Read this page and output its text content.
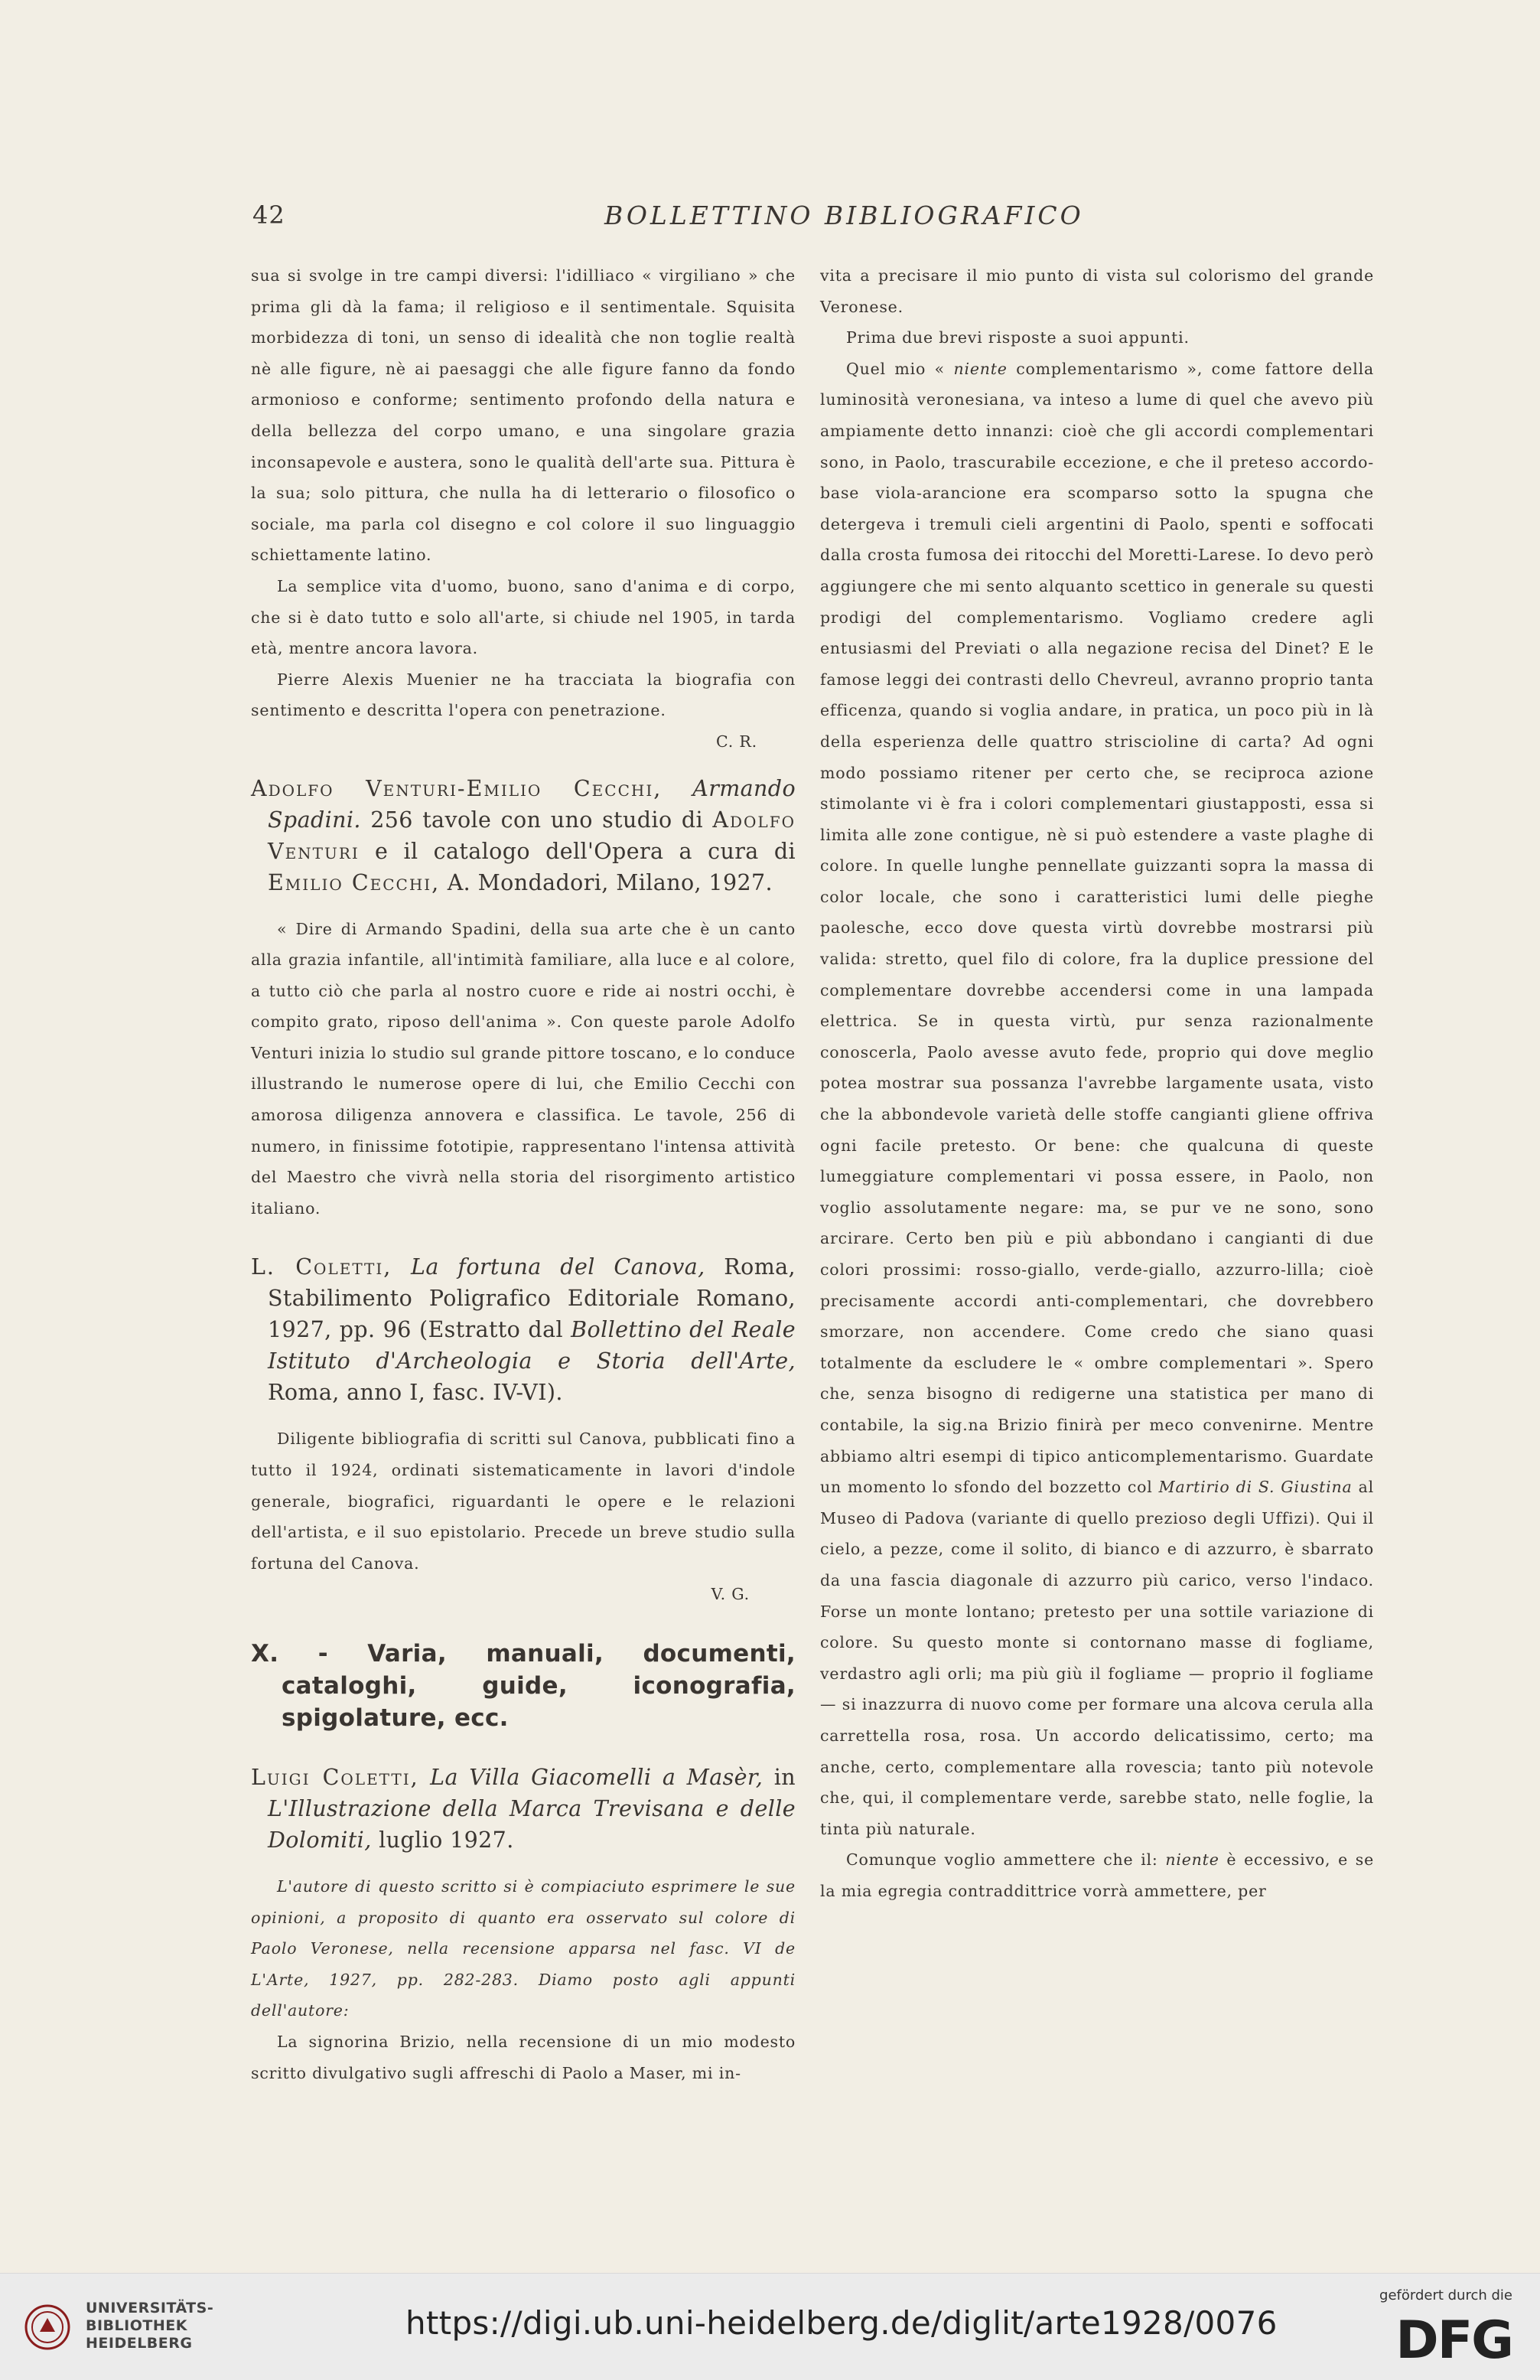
42	BOLLETTINO BIBLIOGRAFICO

sua si svolge in tre campi diversi: l'idilliaco « virgiliano » che prima gli dà la fama; il religioso e il sentimentale. Squisita morbidezza di toni, un senso di idealità che non toglie realtà nè alle figure, nè ai paesaggi che alle figure fanno da fondo armonioso e conforme; sentimento profondo della natura e della bellezza del corpo umano, e una singolare grazia inconsapevole e austera, sono le qualità dell'arte sua. Pittura è la sua; solo pittura, che nulla ha di letterario o filosofico o sociale, ma parla col disegno e col colore il suo linguaggio schiettamente latino.

La semplice vita d'uomo, buono, sano d'anima e di corpo, che si è dato tutto e solo all'arte, si chiude nel 1905, in tarda età, mentre ancora lavora.

Pierre Alexis Muenier ne ha tracciata la biografia con sentimento e descritta l'opera con penetrazione.

C. R.

Adolfo Venturi-Emilio Cecchi, Armando Spadini. 256 tavole con uno studio di Adolfo Venturi e il catalogo dell'Opera a cura di Emilio Cecchi, A. Mondadori, Milano, 1927.

« Dire di Armando Spadini, della sua arte che è un canto alla grazia infantile, all'intimità familiare, alla luce e al colore, a tutto ciò che parla al nostro cuore e ride ai nostri occhi, è compito grato, riposo dell'anima ». Con queste parole Adolfo Venturi inizia lo studio sul grande pittore toscano, e lo conduce illustrando le numerose opere di lui, che Emilio Cecchi con amorosa diligenza annovera e classifica. Le tavole, 256 di numero, in finissime fototipie, rappresentano l'intensa attività del Maestro che vivrà nella storia del risorgimento artistico italiano.

L. Coletti, La fortuna del Canova, Roma, Stabilimento Poligrafico Editoriale Romano, 1927, pp. 96 (Estratto dal Bollettino del Reale Istituto d'Archeologia e Storia dell'Arte, Roma, anno I, fasc. IV-VI).

Diligente bibliografia di scritti sul Canova, pubblicati fino a tutto il 1924, ordinati sistematicamente in lavori d'indole generale, biografici, riguardanti le opere e le relazioni dell'artista, e il suo epistolario. Precede un breve studio sulla fortuna del Canova.

V. G.

X. - Varia, manuali, documenti, cataloghi, guide, iconografia, spigolature, ecc.

Luigi Coletti, La Villa Giacomelli a Masèr, in L'Illustrazione della Marca Trevisana e delle Dolomiti, luglio 1927.

L'autore di questo scritto si è compiaciuto esprimere le sue opinioni, a proposito di quanto era osservato sul colore di Paolo Veronese, nella recensione apparsa nel fasc. VI de L'Arte, 1927, pp. 282-283. Diamo posto agli appunti dell'autore:

La signorina Brizio, nella recensione di un mio modesto scritto divulgativo sugli affreschi di Paolo a Maser, mi in-

vita a precisare il mio punto di vista sul colorismo del grande Veronese.

Prima due brevi risposte a suoi appunti.

Quel mio « niente complementarismo », come fattore della luminosità veronesiana, va inteso a lume di quel che avevo più ampiamente detto innanzi: cioè che gli accordi complementari sono, in Paolo, trascurabile eccezione, e che il preteso accordo-base viola-arancione era scomparso sotto la spugna che detergeva i tremuli cieli argentini di Paolo, spenti e soffocati dalla crosta fumosa dei ritocchi del Moretti-Larese. Io devo però aggiungere che mi sento alquanto scettico in generale su questi prodigi del complementarismo. Vogliamo credere agli entusiasmi del Previati o alla negazione recisa del Dinet? E le famose leggi dei contrasti dello Chevreul, avranno proprio tanta efficenza, quando si voglia andare, in pratica, un poco più in là della esperienza delle quattro striscioline di carta? Ad ogni modo possiamo ritener per certo che, se reciproca azione stimolante vi è fra i colori complementari giustapposti, essa si limita alle zone contigue, nè si può estendere a vaste plaghe di colore. In quelle lunghe pennellate guizzanti sopra la massa di color locale, che sono i caratteristici lumi delle pieghe paolesche, ecco dove questa virtù dovrebbe mostrarsi più valida: stretto, quel filo di colore, fra la duplice pressione del complementare dovrebbe accendersi come in una lampada elettrica. Se in questa virtù, pur senza razionalmente conoscerla, Paolo avesse avuto fede, proprio qui dove meglio potea mostrar sua possanza l'avrebbe largamente usata, visto che la abbondevole varietà delle stoffe cangianti gliene offriva ogni facile pretesto. Or bene: che qualcuna di queste lumeggiature complementari vi possa essere, in Paolo, non voglio assolutamente negare: ma, se pur ve ne sono, sono arcirare. Certo ben più e più abbondano i cangianti di due colori prossimi: rosso-giallo, verde-giallo, azzurro-lilla; cioè precisamente accordi anti-complementari, che dovrebbero smorzare, non accendere. Come credo che siano quasi totalmente da escludere le « ombre complementari ». Spero che, senza bisogno di redigerne una statistica per mano di contabile, la sig.na Brizio finirà per meco convenirne. Mentre abbiamo altri esempi di tipico anticomplementarismo. Guardate un momento lo sfondo del bozzetto col Martirio di S. Giustina al Museo di Padova (variante di quello prezioso degli Uffizi). Qui il cielo, a pezze, come il solito, di bianco e di azzurro, è sbarrato da una fascia diagonale di azzurro più carico, verso l'indaco. Forse un monte lontano; pretesto per una sottile variazione di colore. Su questo monte si contornano masse di fogliame, verdastro agli orli; ma più giù il fogliame — proprio il fogliame — si inazzurra di nuovo come per formare una alcova cerula alla carrettella rosa, rosa. Un accordo delicatissimo, certo; ma anche, certo, complementare alla rovescia; tanto più notevole che, qui, il complementare verde, sarebbe stato, nelle foglie, la tinta più naturale.

Comunque voglio ammettere che il: niente è eccessivo, e se la mia egregia contraddittrice vorrà ammettere, per

UNIVERSITÄTS-
BIBLIOTHEK
HEIDELBERG
https://digi.ub.uni-heidelberg.de/diglit/arte1928/0076
gefördert durch die
DFG
